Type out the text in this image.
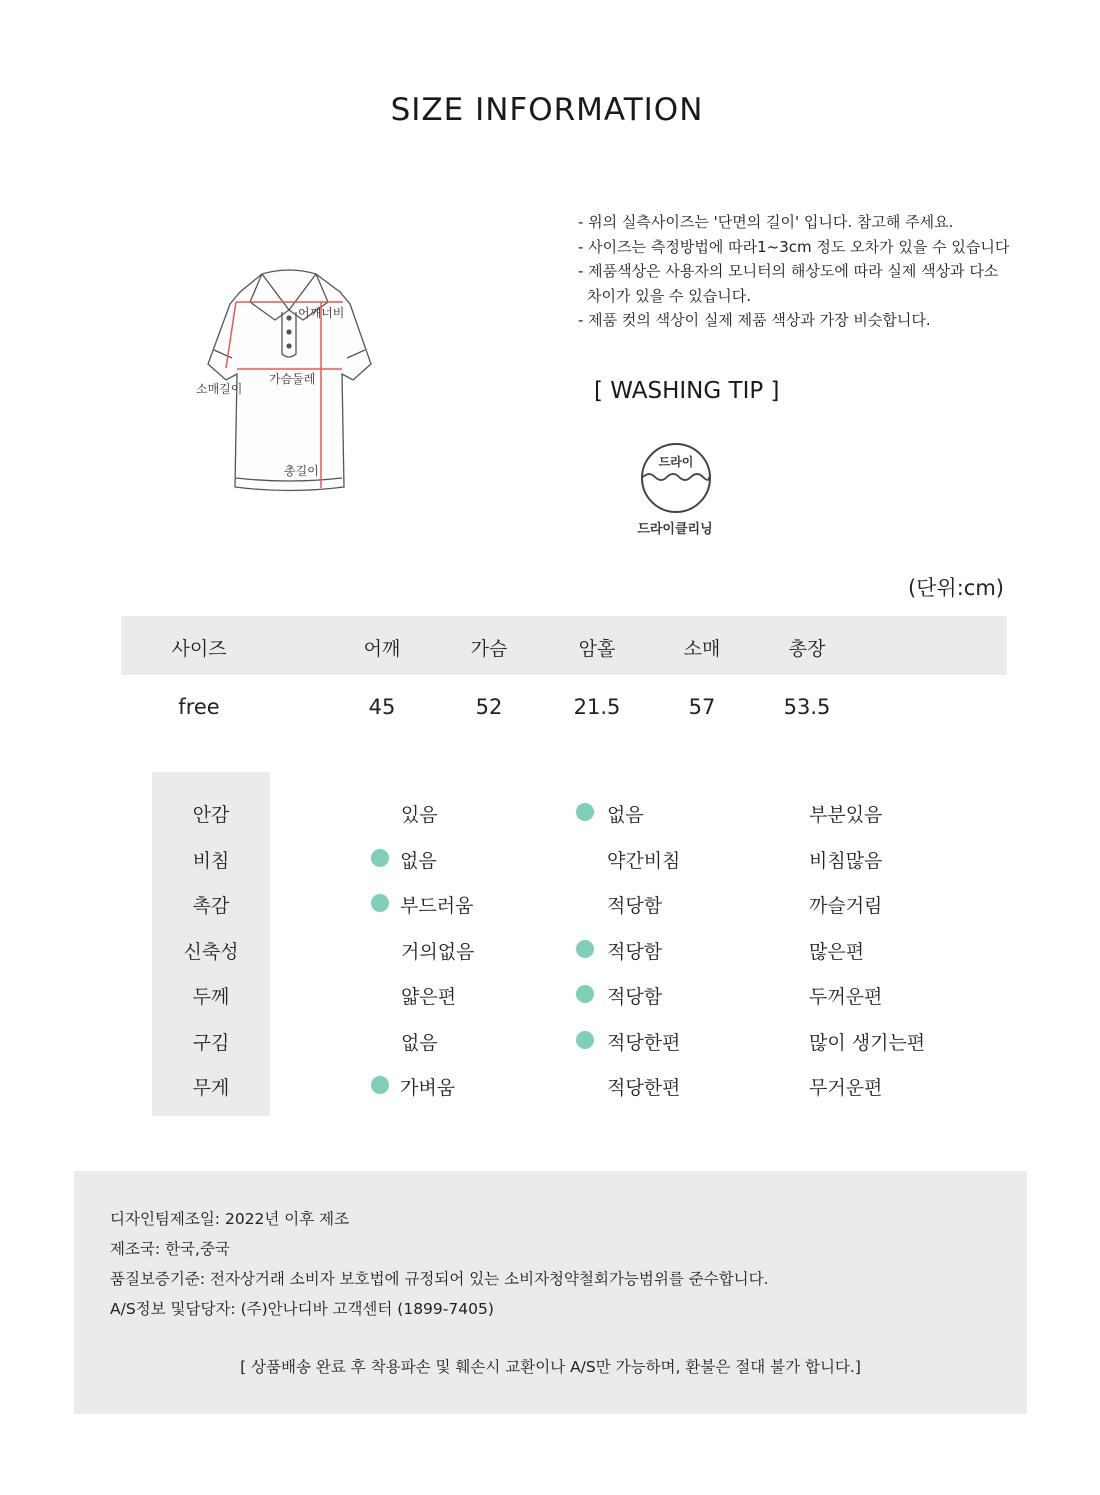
SIZE INFORMATION
어깨너비
가슴둘레
소매길이
총길이
- 위의 실측사이즈는 '단면의 길이' 입니다. 참고해 주세요.
- 사이즈는 측정방법에 따라1~3cm 정도 오차가 있을 수 있습니다
- 제품색상은 사용자의 모니터의 해상도에 따라 실제 색상과 다소
차이가 있을 수 있습니다.
- 제품 컷의 색상이 실제 제품 색상과 가장 비슷합니다.
[ WASHING TIP ]
드라이
드라이클리닝
(단위:cm)
사이즈	어깨	가슴	암홀	소매	총장
free	45	52	21.5	57	53.5
안감	있음	없음	부분있음
비침	없음	약간비침	비침많음
촉감	부드러움	적당함	까슬거림
신축성	거의없음	적당함	많은편
두께	얇은편	적당함	두꺼운편
구김	없음	적당한편	많이 생기는편
무게	가벼움	적당한편	무거운편
디자인팀제조일: 2022년 이후 제조
제조국: 한국,중국
품질보증기준: 전자상거래 소비자 보호법에 규정되어 있는 소비자청약철회가능범위를 준수합니다.
A/S정보 및담당자: (주)안나디바 고객센터 (1899-7405)
[ 상품배송 완료 후 착용파손 및 훼손시 교환이나 A/S만 가능하며, 환불은 절대 불가 합니다.]
